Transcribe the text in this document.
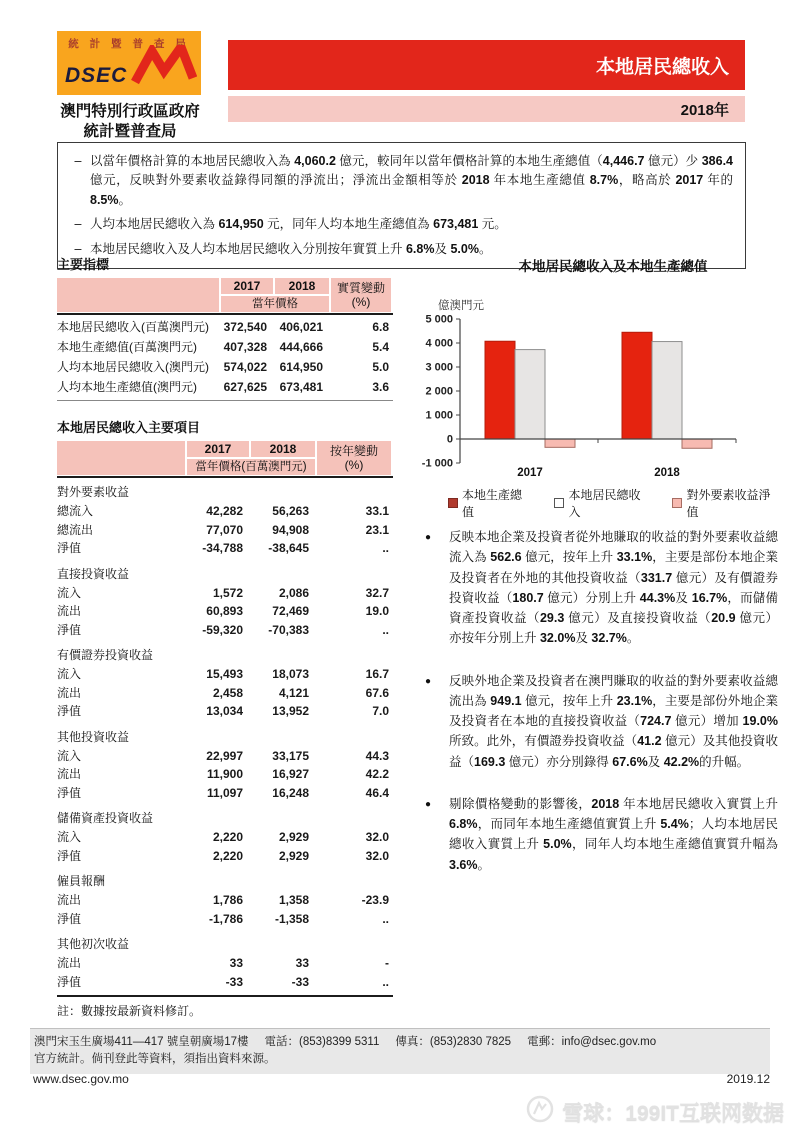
統 計 暨 普 查 局
DSEC
澳門特別行政區政府
統計暨普查局
本地居民總收入
2018年
– 以當年價格計算的本地居民總收入為 4,060.2 億元，較同年以當年價格計算的本地生產總值（4,446.7 億元）少 386.4 億元，反映對外要素收益錄得同額的淨流出；淨流出金額相等於 2018 年本地生產總值 8.7%，略高於 2017 年的 8.5%。
– 人均本地居民總收入為 614,950 元，同年人均本地生產總值為 673,481 元。
– 本地居民總收入及人均本地居民總收入分別按年實質上升 6.8%及 5.0%。
主要指標
2017	2018	實質變動
(%)
當年價格
本地居民總收入(百萬澳門元)	372,540	406,021	6.8
本地生產總值(百萬澳門元)	407,328	444,666	5.4
人均本地居民總收入(澳門元)	574,022	614,950	5.0
人均本地生產總值(澳門元)	627,625	673,481	3.6
本地居民總收入主要項目
2017	2018	按年變動
(%)
當年價格(百萬澳門元)
對外要素收益
總流入	42,282	56,263	33.1
總流出	77,070	94,908	23.1
淨值	-34,788	-38,645	..
直接投資收益
流入	1,572	2,086	32.7
流出	60,893	72,469	19.0
淨值	-59,320	-70,383	..
有價證券投資收益
流入	15,493	18,073	16.7
流出	2,458	4,121	67.6
淨值	13,034	13,952	7.0
其他投資收益
流入	22,997	33,175	44.3
流出	11,900	16,927	42.2
淨值	11,097	16,248	46.4
儲備資產投資收益
流入	2,220	2,929	32.0
淨值	2,220	2,929	32.0
僱員報酬
流出	1,786	1,358	-23.9
淨值	-1,786	-1,358	..
其他初次收益
流出	33	33	-
淨值	-33	-33	..
註：數據按最新資料修訂。
本地居民總收入及本地生產總值
億澳門元
2017	2018
5 000
4 000
3 000
2 000
1 000
0
-1 000
本地生產總值
本地居民總收入
對外要素收益淨值
●	反映本地企業及投資者從外地賺取的收益的對外要素收益總流入為 562.6 億元，按年上升 33.1%，主要是部份本地企業及投資者在外地的其他投資收益（331.7 億元）及有價證券投資收益（180.7 億元）分別上升 44.3%及 16.7%，而儲備資產投資收益（29.3 億元）及直接投資收益（20.9 億元）亦按年分別上升 32.0%及 32.7%。
●	反映外地企業及投資者在澳門賺取的收益的對外要素收益總流出為 949.1 億元，按年上升 23.1%，主要是部份外地企業及投資者在本地的直接投資收益（724.7 億元）增加 19.0%所致。此外，有價證券投資收益（41.2 億元）及其他投資收益（169.3 億元）亦分別錄得 67.6%及 42.2%的升幅。
●	剔除價格變動的影響後，2018 年本地居民總收入實質上升 6.8%，而同年本地生產總值實質上升 5.4%；人均本地居民總收入實質上升 5.0%，同年人均本地生產總值實質升幅為 3.6%。
澳門宋玉生廣場411—417 號皇朝廣場17樓 電話：(853)8399 5311 傳真：(853)2830 7825 電郵：info@dsec.gov.mo
官方統計。倘刊登此等資料，須指出資料來源。
www.dsec.gov.mo	2019.12
雪球：199IT互联网数据
